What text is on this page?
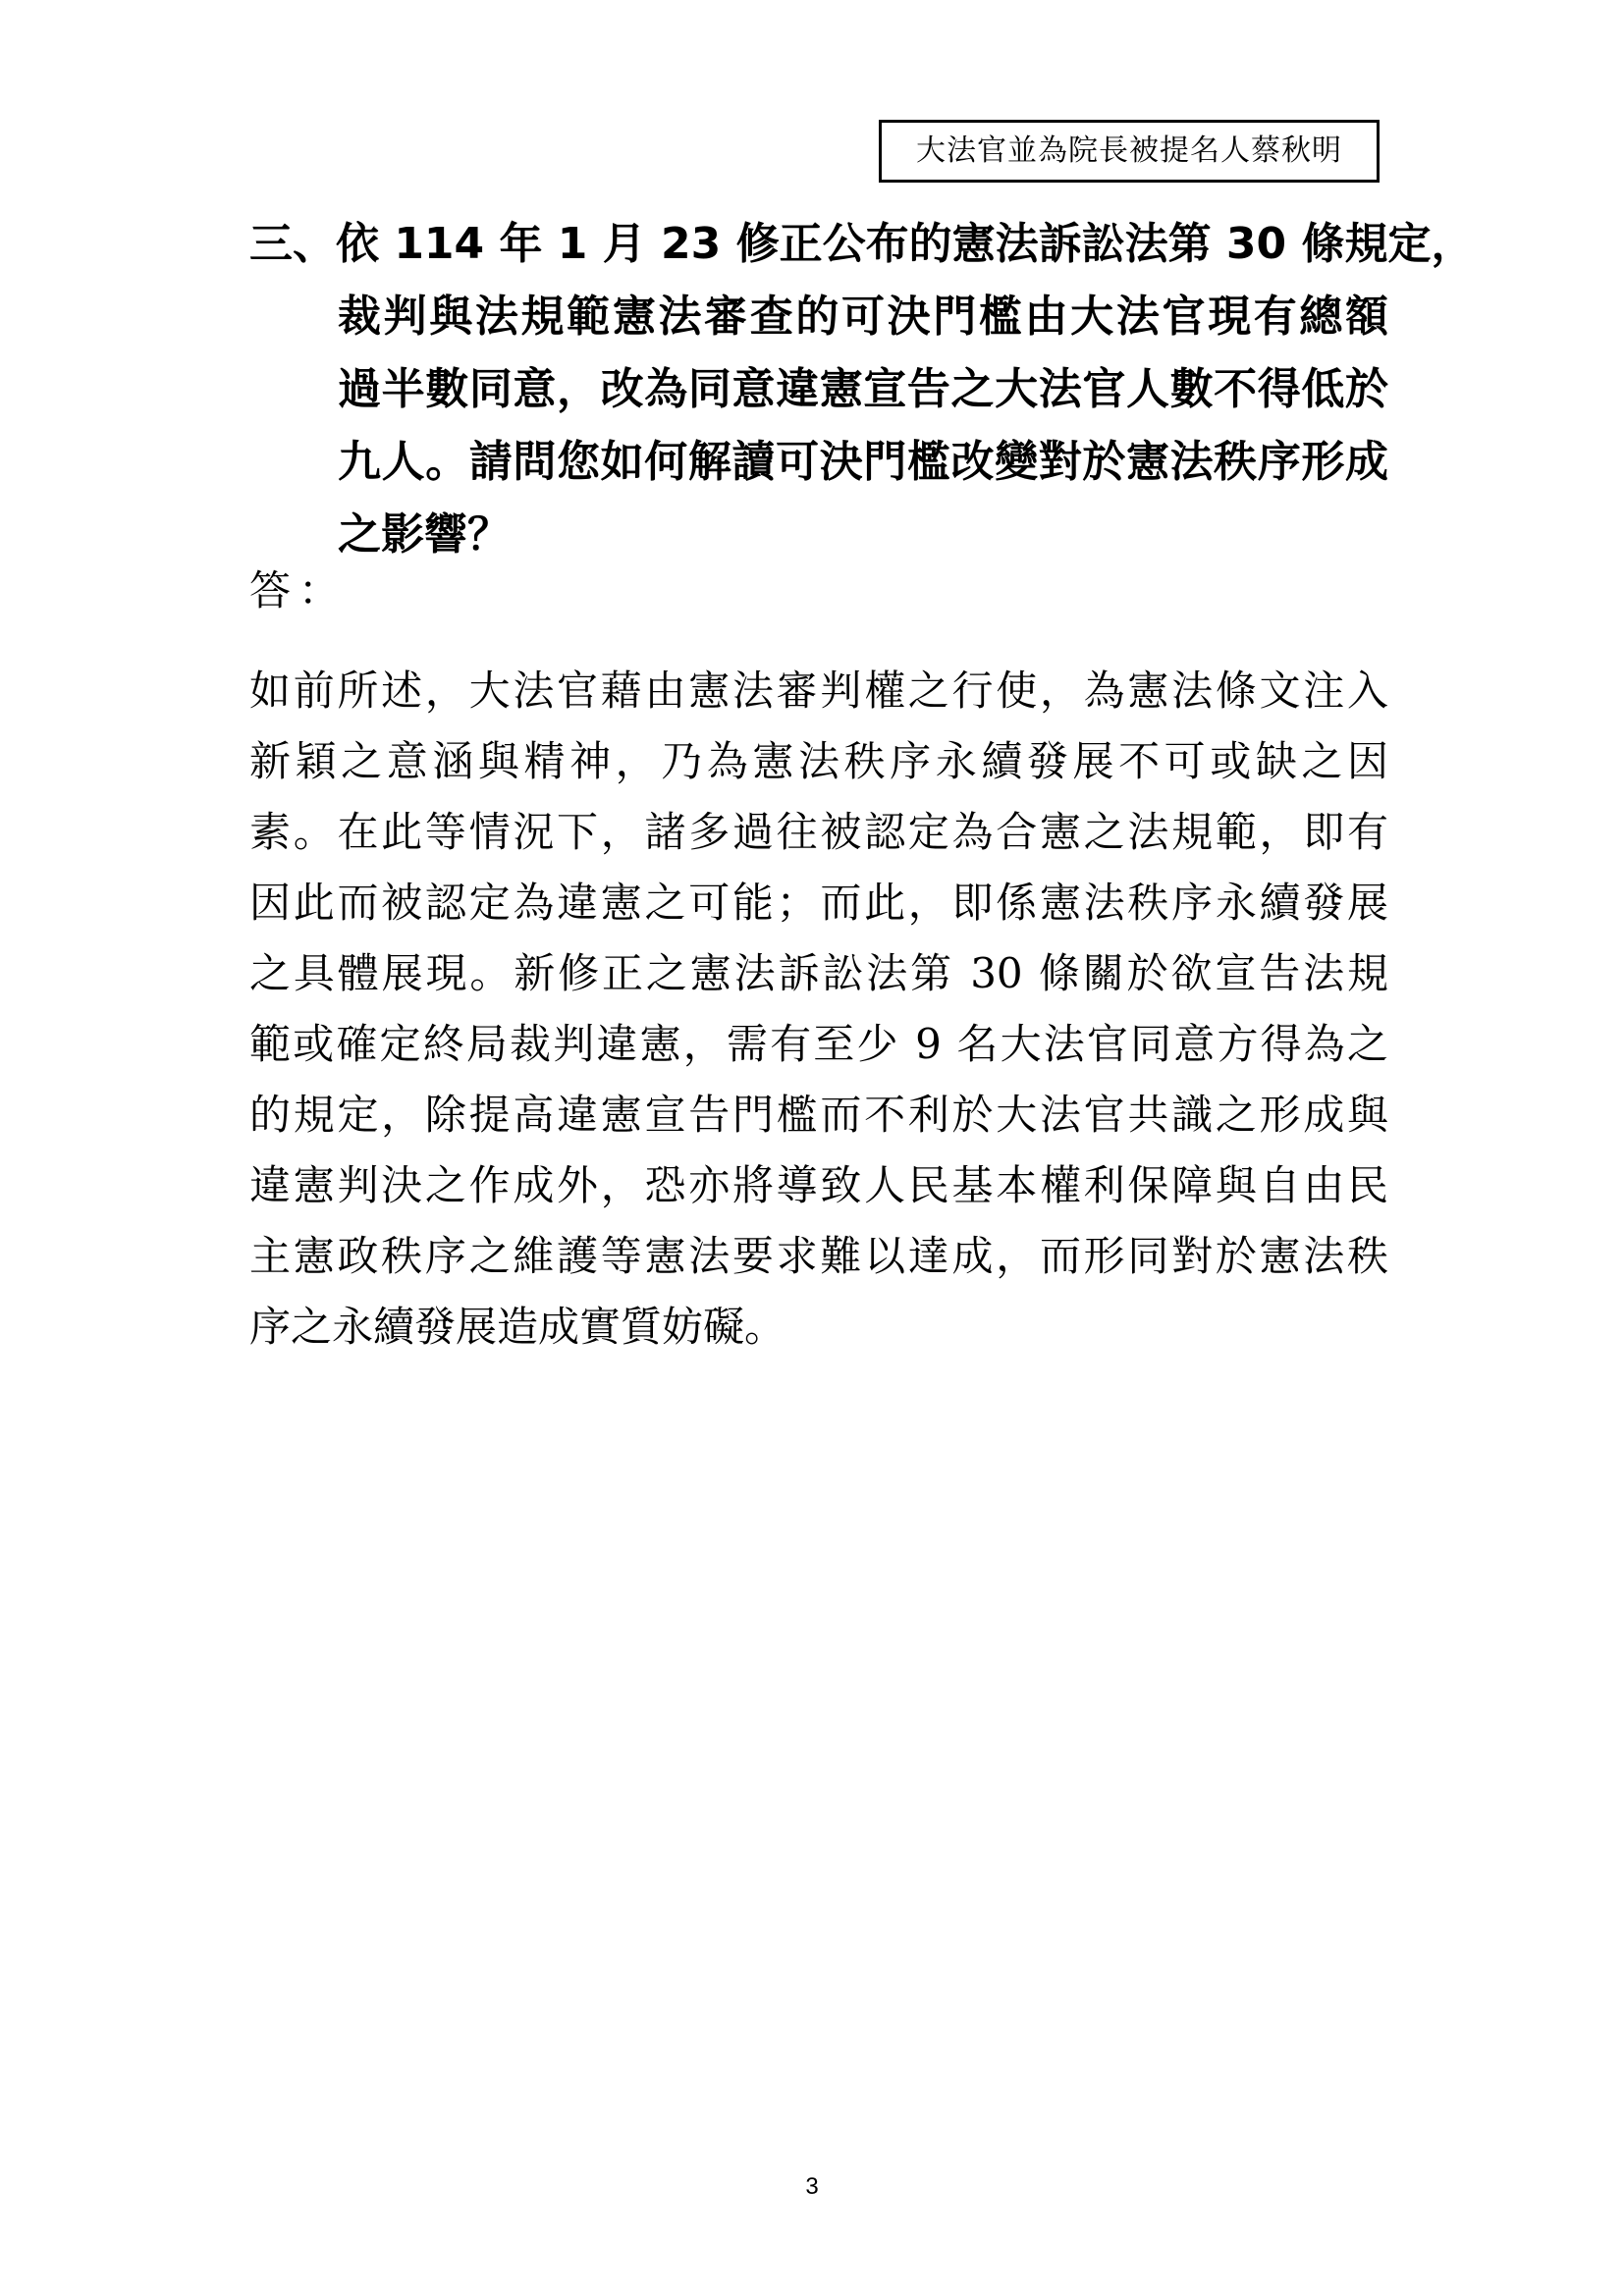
大法官並為院長被提名人蔡秋明
三、依 114 年 1 月 23 修正公布的憲法訴訟法第 30 條規定，
裁判與法規範憲法審查的可決門檻由大法官現有總額
過半數同意，改為同意違憲宣告之大法官人數不得低於
九人。請問您如何解讀可決門檻改變對於憲法秩序形成
之影響？
答：
如前所述，大法官藉由憲法審判權之行使，為憲法條文注入
新穎之意涵與精神，乃為憲法秩序永續發展不可或缺之因
素。在此等情況下，諸多過往被認定為合憲之法規範，即有
因此而被認定為違憲之可能；而此，即係憲法秩序永續發展
之具體展現。新修正之憲法訴訟法第 30 條關於欲宣告法規
範或確定終局裁判違憲，需有至少 9 名大法官同意方得為之
的規定，除提高違憲宣告門檻而不利於大法官共識之形成與
違憲判決之作成外，恐亦將導致人民基本權利保障與自由民
主憲政秩序之維護等憲法要求難以達成，而形同對於憲法秩
序之永續發展造成實質妨礙。
3
